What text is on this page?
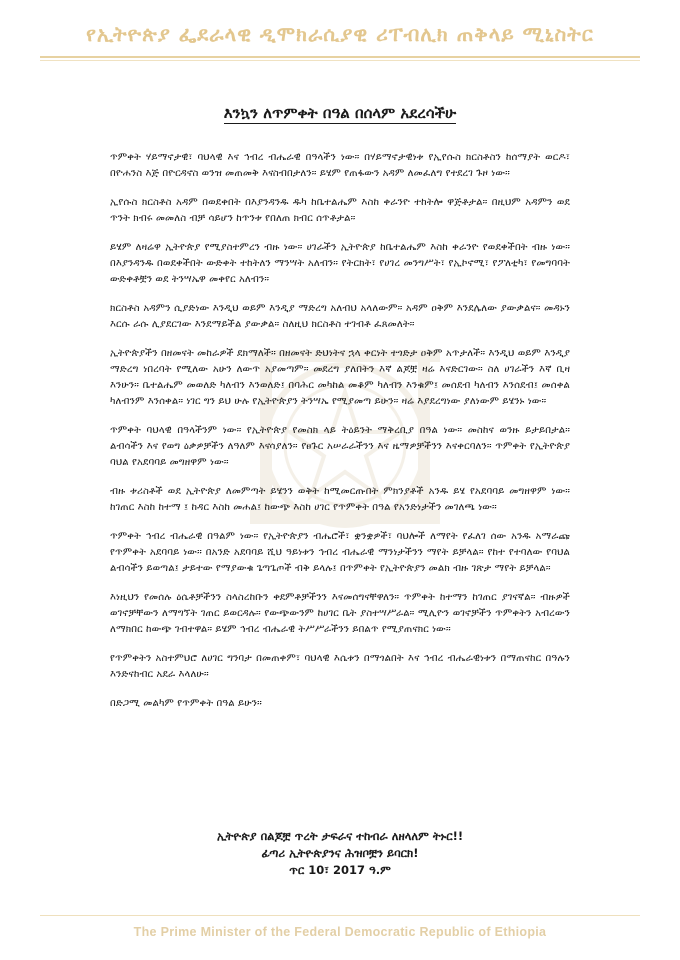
የኢትዮጵያ ፌደራላዊ ዲሞክራሲያዊ ሪፐብሊክ ጠቅላይ ሚኒስትር
እንኳን ለጥምቀት በዓል በሰላም አደረሳችሁ

ጥምቀት ሃይማኖታዊ፣ ባህላዊ እና ኅብረ ብሔራዊ በዓላችን ነው። በሃይማኖታዊነቱ የኢየሱስ ክርስቶስን ከሰማያት ወርዶ፣ በዮሐንስ እጅ በዮርዳኖስ ወንዝ መጠመቅ እናስብበታለን። ይሄም የጠፋውን አዳም ለመፈለግ የተደረገ ጉዞ ነው።

ኢየሱስ ክርስቶስ አዳም በወደቀበት በእያንዳንዱ ዱካ ከቤተልሔም እስከ ቀራንዮ ተከትሎ ዋጅቶታል። በዚህም አዳምን ወደ ጥንት ክብሩ መመለስ ብቻ ሳይሆን ከጥንቱ የበለጠ ክብር ሰጥቶታል።

ይሄም ለዛሬዋ ኢትዮጵያ የሚያስተምረን ብዙ ነው። ሀገራችን ኢትዮጵያ ከቤተልሔም እስከ ቀራንዮ የወደቀችበት ብዙ ነው። በእያንዳንዱ በወደቀችበት ውድቀት ተከትለን ማንሣት አለብን። የትርክት፣ የሀገረ መንግሥት፣ የኢኮኖሚ፣ የፖለቲካ፣ የመግባባት ውድቀቶቿን ወደ ትንሣኤዋ መቀየር አለብን።

ክርስቶስ አዳምን ሲያድነው እንዲህ ወይም እንዲያ ማድረግ አለብህ አላለውም። አዳም ዐቅም እንደሌለው ያውቃልና። መዳኑን እርሱ ራሱ ሊያደርገው እንደማይችል ያውቃል። ስለዚህ ክርስቶስ ተገብቶ ፈጸመለት።

ኢትዮጵያችን በዘመናት መከራዎች ደክማለች። በዘመናት ድህነትና ኋላ ቀርነት ተጎድታ ዐቅም አጥታለች። እንዲህ ወይም እንዲያ ማድረግ ነበረባት የሚለው አሁን ለውጥ አያመጣም። መደረግ ያለበትን እኛ ልጆቿ ዛሬ እናድርገው። ስለ ሀገራችን እኛ ቢዛ እንሁን። ቤተልሔም መወለድ ካለብን እንወለድ፤ በባሕር መካከል መቆም ካለብን እንቁም፤ መሰደብ ካለብን እንሰደብ፤ መሰቀል ካለብንም እንሰቀል። ነገር ግን ይህ ሁሉ የኢትዮጵያን ትንሣኤ የሚያመጣ ይሁን። ዛሬ እያደረግነው ያለነውም ይሄንኑ ነው።

ጥምቀት ባህላዊ በዓላችንም ነው። የኢትዮጵያ የመስክ ላይ ትዕይንት ማቅረቢያ በዓል ነው። መስከና ወንዙ ይታይበታል። ልብሳችን እና የወግ ዕቃዎቻችን ለዓለም እናሳያለን። የፀጉር አሠራራችንን እና ዜማዎቻችንን እናቀርባለን። ጥምቀት የኢትዮጵያ ባህል የአደባባይ መግዘዋም ነው።

ብዙ ቱሪስቶች ወደ ኢትዮጵያ ለመምጣት ይሄንን ወቅት ከሚመርጡበት ምክንያቶች አንዱ ይሄ የአደባባይ መግዘዋም ነው። ከገጠር እስከ ከተማ ፤ ከዳር እስከ መሐል፤ ከውጭ እስከ ሀገር የጥምቀት በዓል የአንድነታችን መገለጫ ነው።

ጥምቀት ኅብረ ብሔራዊ በዓልም ነው። የኢትዮጵያን ብሔሮች፣ ቋንቋዎች፣ ባህሎች ለማየት የፈለገ ሰው አንዱ አማራጩ የጥምቀት አደባባይ ነው። በአንድ አደባባይ ሺህ ዓይነቱን ኅብረ ብሔራዊ ማንነታችንን ማየት ይቻላል። የከተ የተባለው የባህል ልብሳችን ይወጣል፤ ታይተው የማያውቁ ጌጣጌጦች ብቅ ይላሉ፤ በጥምቀት የኢትዮጵያን መልክ ብዙ ገጽታ ማየት ይቻላል።

እነዚህን የመሰሉ ዕሴቶቻችንን ስላስረከቡን ቀደምቶቻችንን እናመሰግናቸዋለን። ጥምቀት ከተማን ከገጠር ያገናኛል። ብዙዎች ወገኖቻቸውን ለማግኘት ገጠር ይወርዳሉ። የውጭውንም ከሀገር ቤት ያስተሣሥራል። ሚሊዮን ወገኖቻችን ጥምቀትን አብረውን ለማክበር ከውጭ ገብተዋል። ይሄም ኅብረ ብሔራዊ ትሥሥራችንን ይበልጥ የሚያጠናክር ነው።

የጥምቀትን አስተምህሮ ለሀገር ግንባታ በመጠቀም፣ ባህላዊ እሴቱን በማጎልበት እና ኅብረ ብሔራዊነቱን በማጠናከር በዓሉን እንድናከብር አደራ እላለሁ።

በድጋሚ መልካም የጥምቀት በዓል ይሁን።

ኢትዮጵያ በልጆቿ ጥረት ታፍራና ተከብራ ለዘላለም ትኑር!!
ፊጣሪ ኢትዮጵያንና ሕዝቦቿን ይባርክ!
ጥር 10፣ 2017 ዓ.ም
The Prime Minister of the Federal Democratic Republic of Ethiopia
